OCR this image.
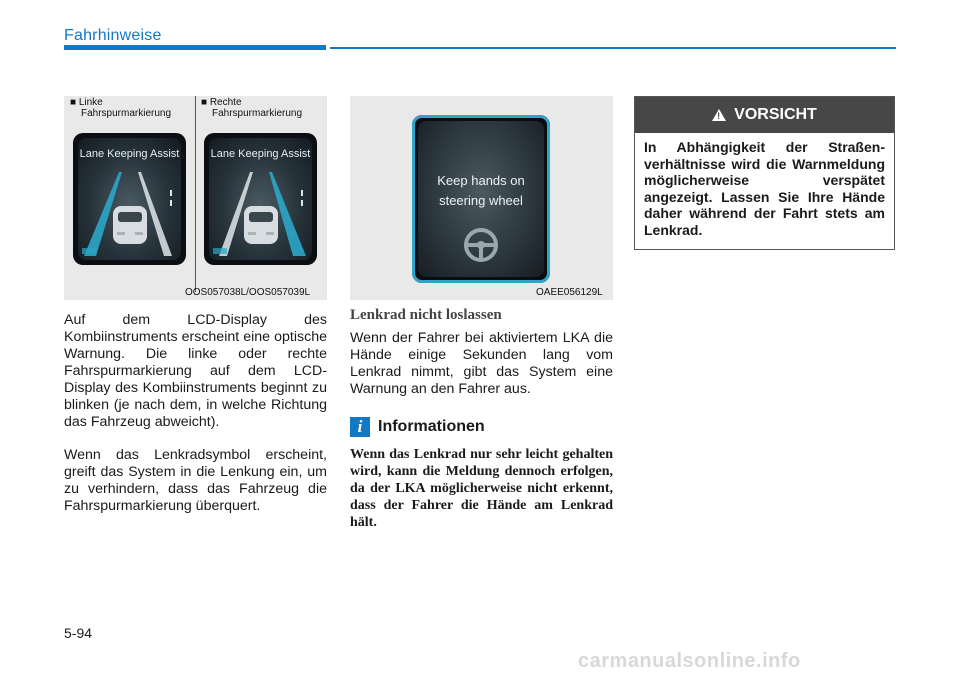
Fahrhinweise
■ Linke
Fahrspurmarkierung
■ Rechte
Fahrspurmarkierung
Lane Keeping Assist	Lane Keeping Assist
OOS057038L/OOS057039L
Keep hands on
steering wheel
OAEE056129L
Auf dem LCD-Display des Kombiinstruments erscheint eine optische Warnung. Die linke oder rechte Fahrspurmarkierung auf dem LCD-Display des Kombiinstruments beginnt zu blinken (je nach dem, in welche Richtung das Fahrzeug abweicht).
Wenn das Lenkradsymbol erscheint, greift das System in die Lenkung ein, um zu verhindern, dass das Fahrzeug die Fahrspurmarkierung überquert.
Lenkrad nicht loslassen
Wenn der Fahrer bei aktiviertem LKA die Hände einige Sekunden lang vom Lenkrad nimmt, gibt das System eine Warnung an den Fahrer aus.
i Informationen
Wenn das Lenkrad nur sehr leicht gehalten wird, kann die Meldung dennoch erfolgen, da der LKA möglicherweise nicht erkennt, dass der Fahrer die Hände am Lenkrad hält.
! VORSICHT
In Abhängigkeit der Straßenverhältnisse wird die Warnmeldung möglicherweise verspätet angezeigt. Lassen Sie Ihre Hände daher während der Fahrt stets am Lenkrad.
5-94
carmanualsonline.info
